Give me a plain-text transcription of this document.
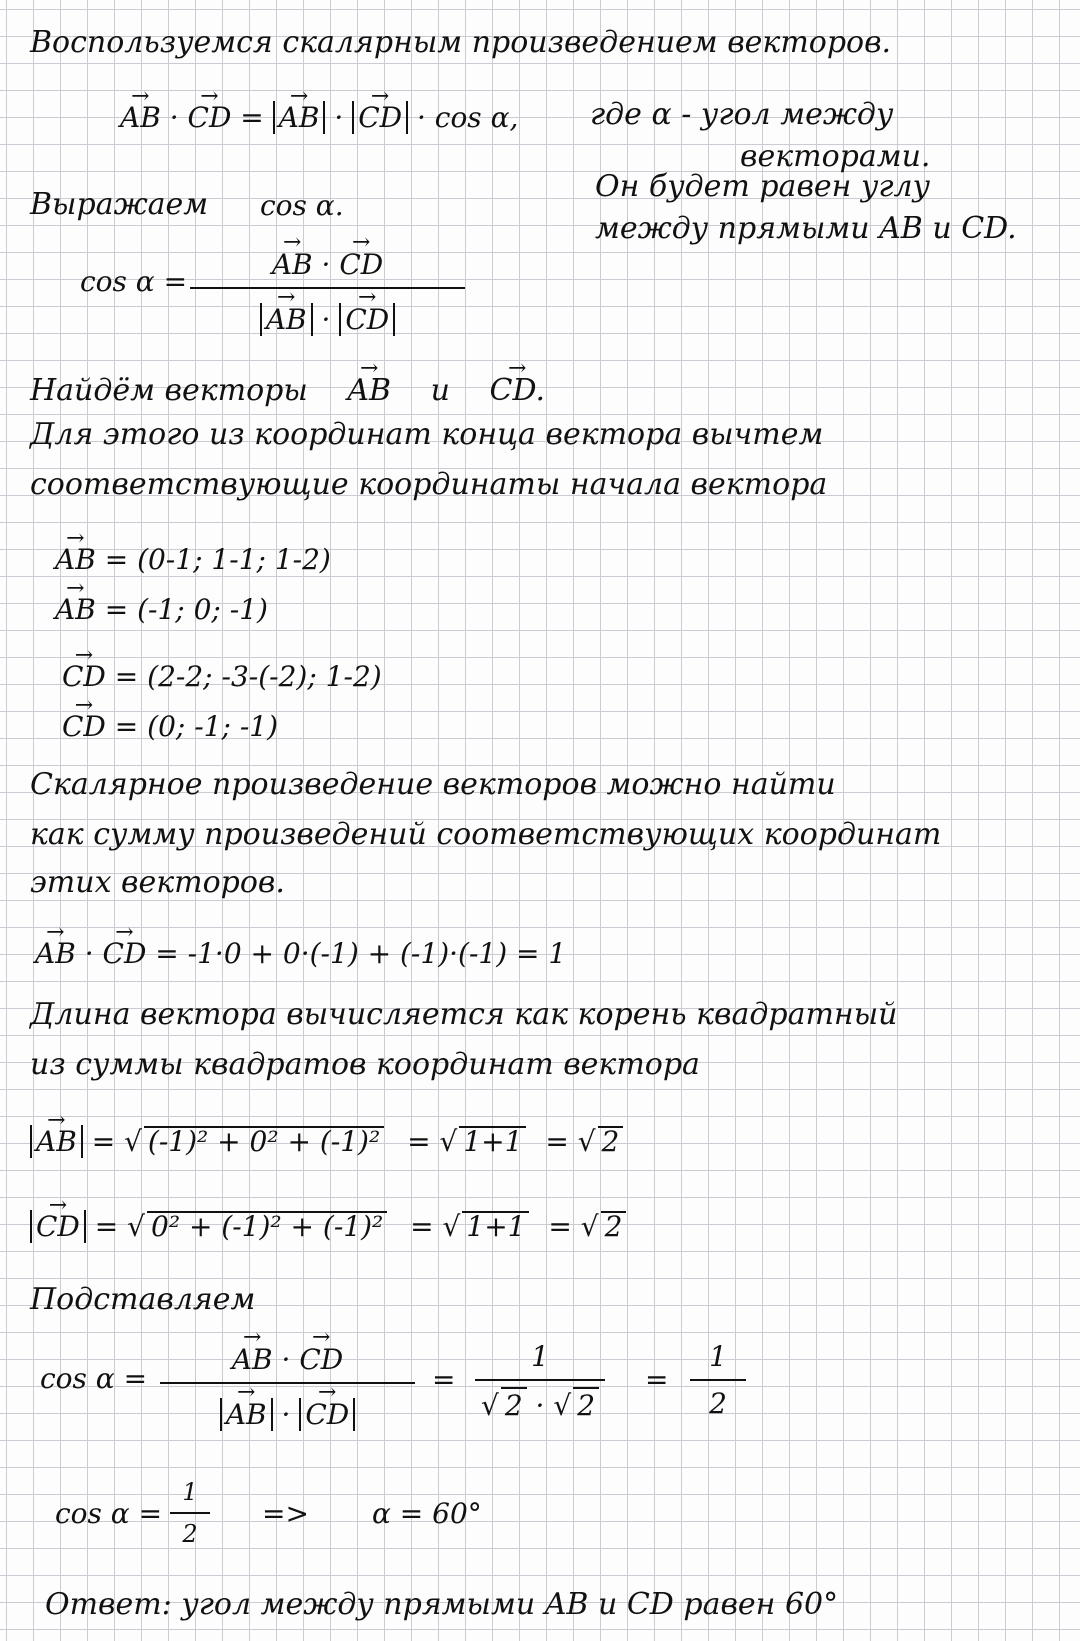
Воспользуемся скалярным произведением векторов.
AB → · CD → = AB → · CD → · cos α, где α - угол между
векторами.
Он будет равен углу
между прямыми AB и CD.
Выражаем cos α.
cos α =
AB → · CD →
AB → · CD →
Найдём векторы AB → и CD. →
Для этого из координат конца вектора вычтем
соответствующие координаты начала вектора
AB → = (0-1; 1-1; 1-2)
AB → = (-1; 0; -1)
CD → = (2-2; -3-(-2); 1-2)
CD → = (0; -1; -1)
Скалярное произведение векторов можно найти
как сумму произведений соответствующих координат
этих векторов.
AB → · CD → = -1·0 + 0·(-1) + (-1)·(-1) = 1
Длина вектора вычисляется как корень квадратный
из суммы квадратов координат вектора
AB → = √ (-1)² + 0² + (-1)² = √ 1+1 = √ 2
CD → = √ 0² + (-1)² + (-1)² = √ 1+1 = √ 2
Подставляем
cos α =
AB → · CD →
AB → · CD →
=
1
√ 2 · √ 2
=
1
2
cos α =
1
2
=> α = 60°
Ответ: угол между прямыми AB и CD равен 60°
